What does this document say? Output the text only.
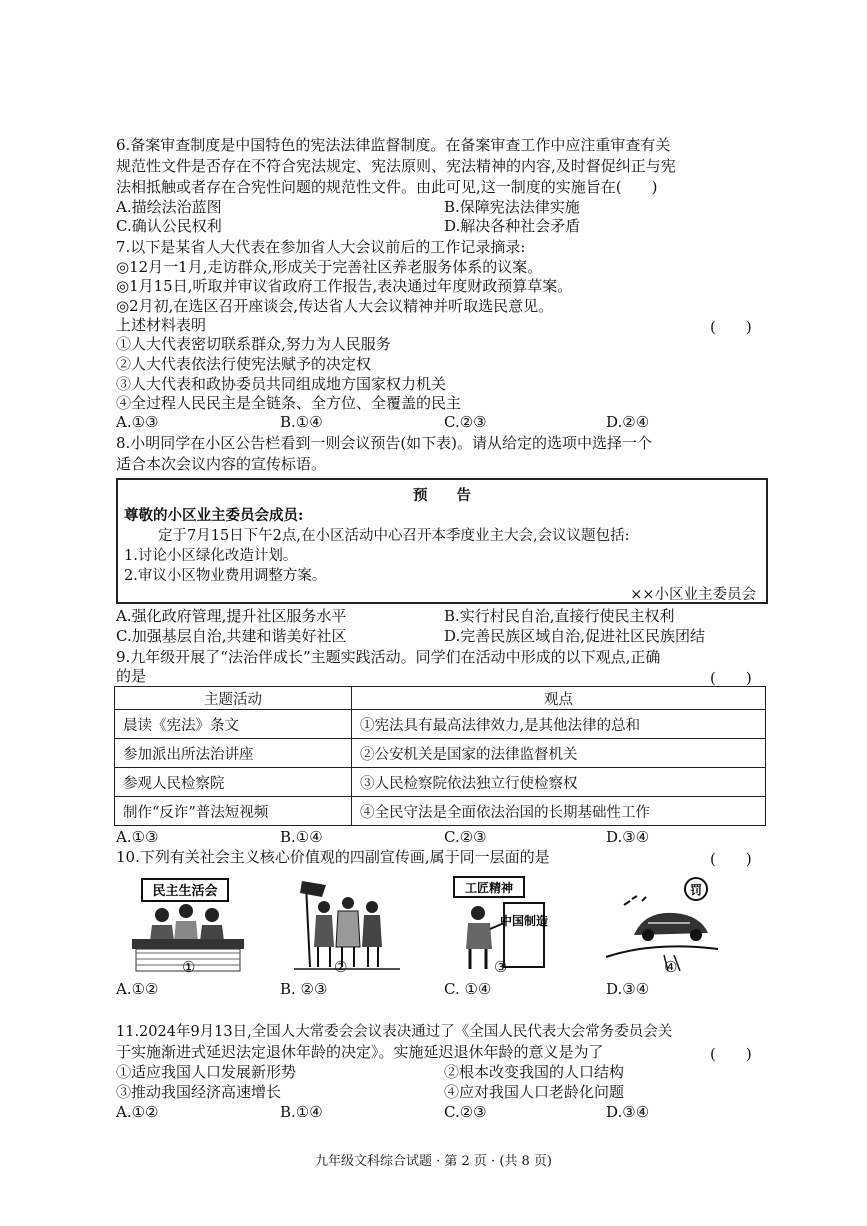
6.备案审查制度是中国特色的宪法法律监督制度。在备案审查工作中应注重审查有关
规范性文件是否存在不符合宪法规定、宪法原则、宪法精神的内容,及时督促纠正与宪
法相抵触或者存在合宪性问题的规范性文件。由此可见,这一制度的实施旨在(　　)
A.描绘法治蓝图	B.保障宪法法律实施
C.确认公民权利	D.解决各种社会矛盾
7.以下是某省人大代表在参加省人大会议前后的工作记录摘录:
◎12月一1月,走访群众,形成关于完善社区养老服务体系的议案。
◎1月15日,听取并审议省政府工作报告,表决通过年度财政预算草案。
◎2月初,在选区召开座谈会,传达省人大会议精神并听取选民意见。
上述材料表明	(　　)
①人大代表密切联系群众,努力为人民服务
②人大代表依法行使宪法赋予的决定权
③人大代表和政协委员共同组成地方国家权力机关
④全过程人民民主是全链条、全方位、全覆盖的民主
A.①③	B.①④	C.②③	D.②④
8.小明同学在小区公告栏看到一则会议预告(如下表)。请从给定的选项中选择一个
适合本次会议内容的宣传标语。
预　　告
尊敬的小区业主委员会成员:
定于7月15日下午2点,在小区活动中心召开本季度业主大会,会议议题包括:
1.讨论小区绿化改造计划。
2.审议小区物业费用调整方案。
××小区业主委员会
A.强化政府管理,提升社区服务水平	B.实行村民自治,直接行使民主权利
C.加强基层自治,共建和谐美好社区	D.完善民族区域自治,促进社区民族团结
9.九年级开展了“法治伴成长”主题实践活动。同学们在活动中形成的以下观点,正确
的是	(　　)
主题活动	观点
晨读《宪法》条文	①宪法具有最高法律效力,是其他法律的总和
参加派出所法治讲座	②公安机关是国家的法律监督机关
参观人民检察院	③人民检察院依法独立行使检察权
制作“反诈”普法短视频	④全民守法是全面依法治国的长期基础性工作
A.①③	B.①④	C.②③	D.③④
10.下列有关社会主义核心价值观的四副宣传画,属于同一层面的是	(　　)
民主生活会	工匠精神
中国制造
罚
①	②	③	④
A.①②	B. ②③	C. ①④	D.③④
11.2024年9月13日,全国人大常委会会议表决通过了《全国人民代表大会常务委员会关
于实施渐进式延迟法定退休年龄的决定》。实施延迟退休年龄的意义是为了	(　　)
①适应我国人口发展新形势	②根本改变我国的人口结构
③推动我国经济高速增长	④应对我国人口老龄化问题
A.①②	B.①④	C.②③	D.③④
九年级文科综合试题 · 第 2 页 · (共 8 页)
